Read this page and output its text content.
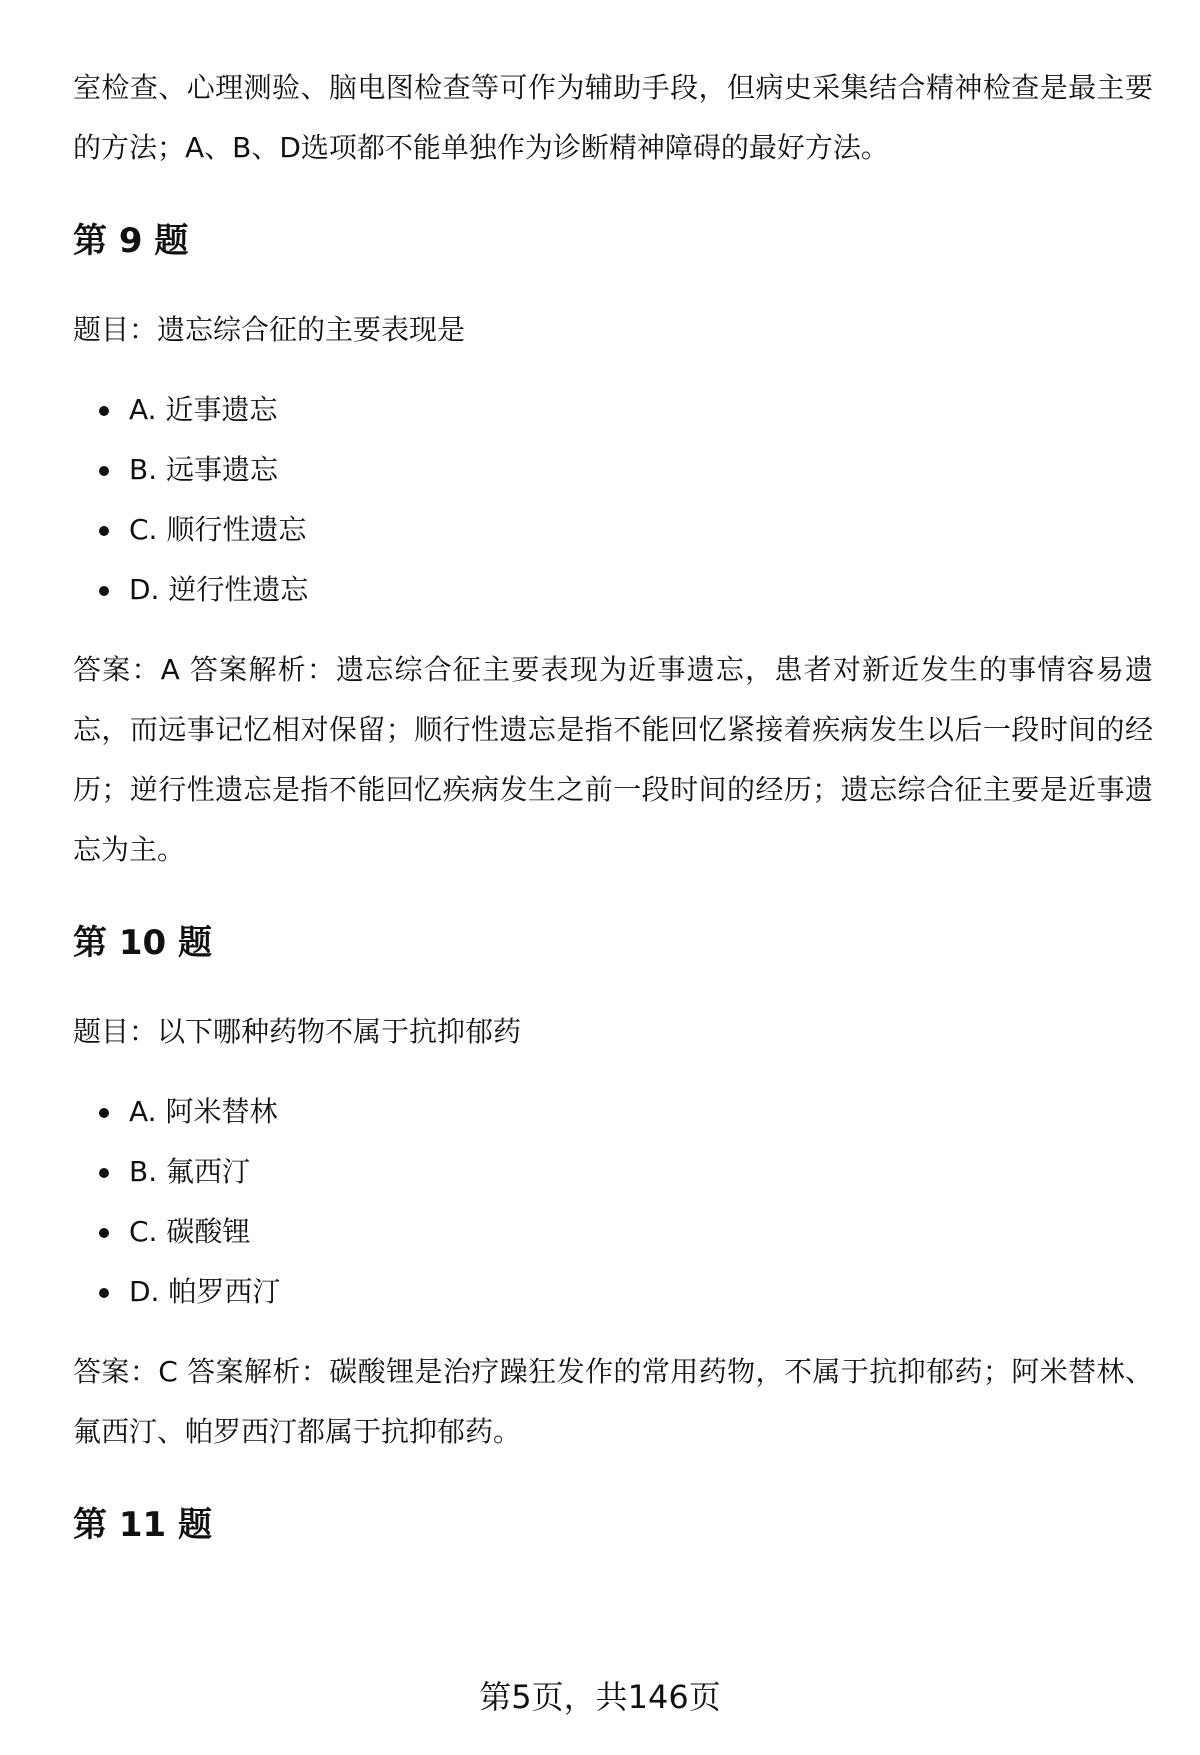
室检查、心理测验、脑电图检查等可作为辅助手段，但病史采集结合精神检查是最主要的方法；A、B、D选项都不能单独作为诊断精神障碍的最好方法。

第 9 题

题目：遗忘综合征的主要表现是

A. 近事遗忘
B. 远事遗忘
C. 顺行性遗忘
D. 逆行性遗忘

答案：A 答案解析：遗忘综合征主要表现为近事遗忘，患者对新近发生的事情容易遗忘，而远事记忆相对保留；顺行性遗忘是指不能回忆紧接着疾病发生以后一段时间的经历；逆行性遗忘是指不能回忆疾病发生之前一段时间的经历；遗忘综合征主要是近事遗忘为主。

第 10 题

题目：以下哪种药物不属于抗抑郁药

A. 阿米替林
B. 氟西汀
C. 碳酸锂
D. 帕罗西汀

答案：C 答案解析：碳酸锂是治疗躁狂发作的常用药物，不属于抗抑郁药；阿米替林、氟西汀、帕罗西汀都属于抗抑郁药。

第 11 题
第5页，共146页
